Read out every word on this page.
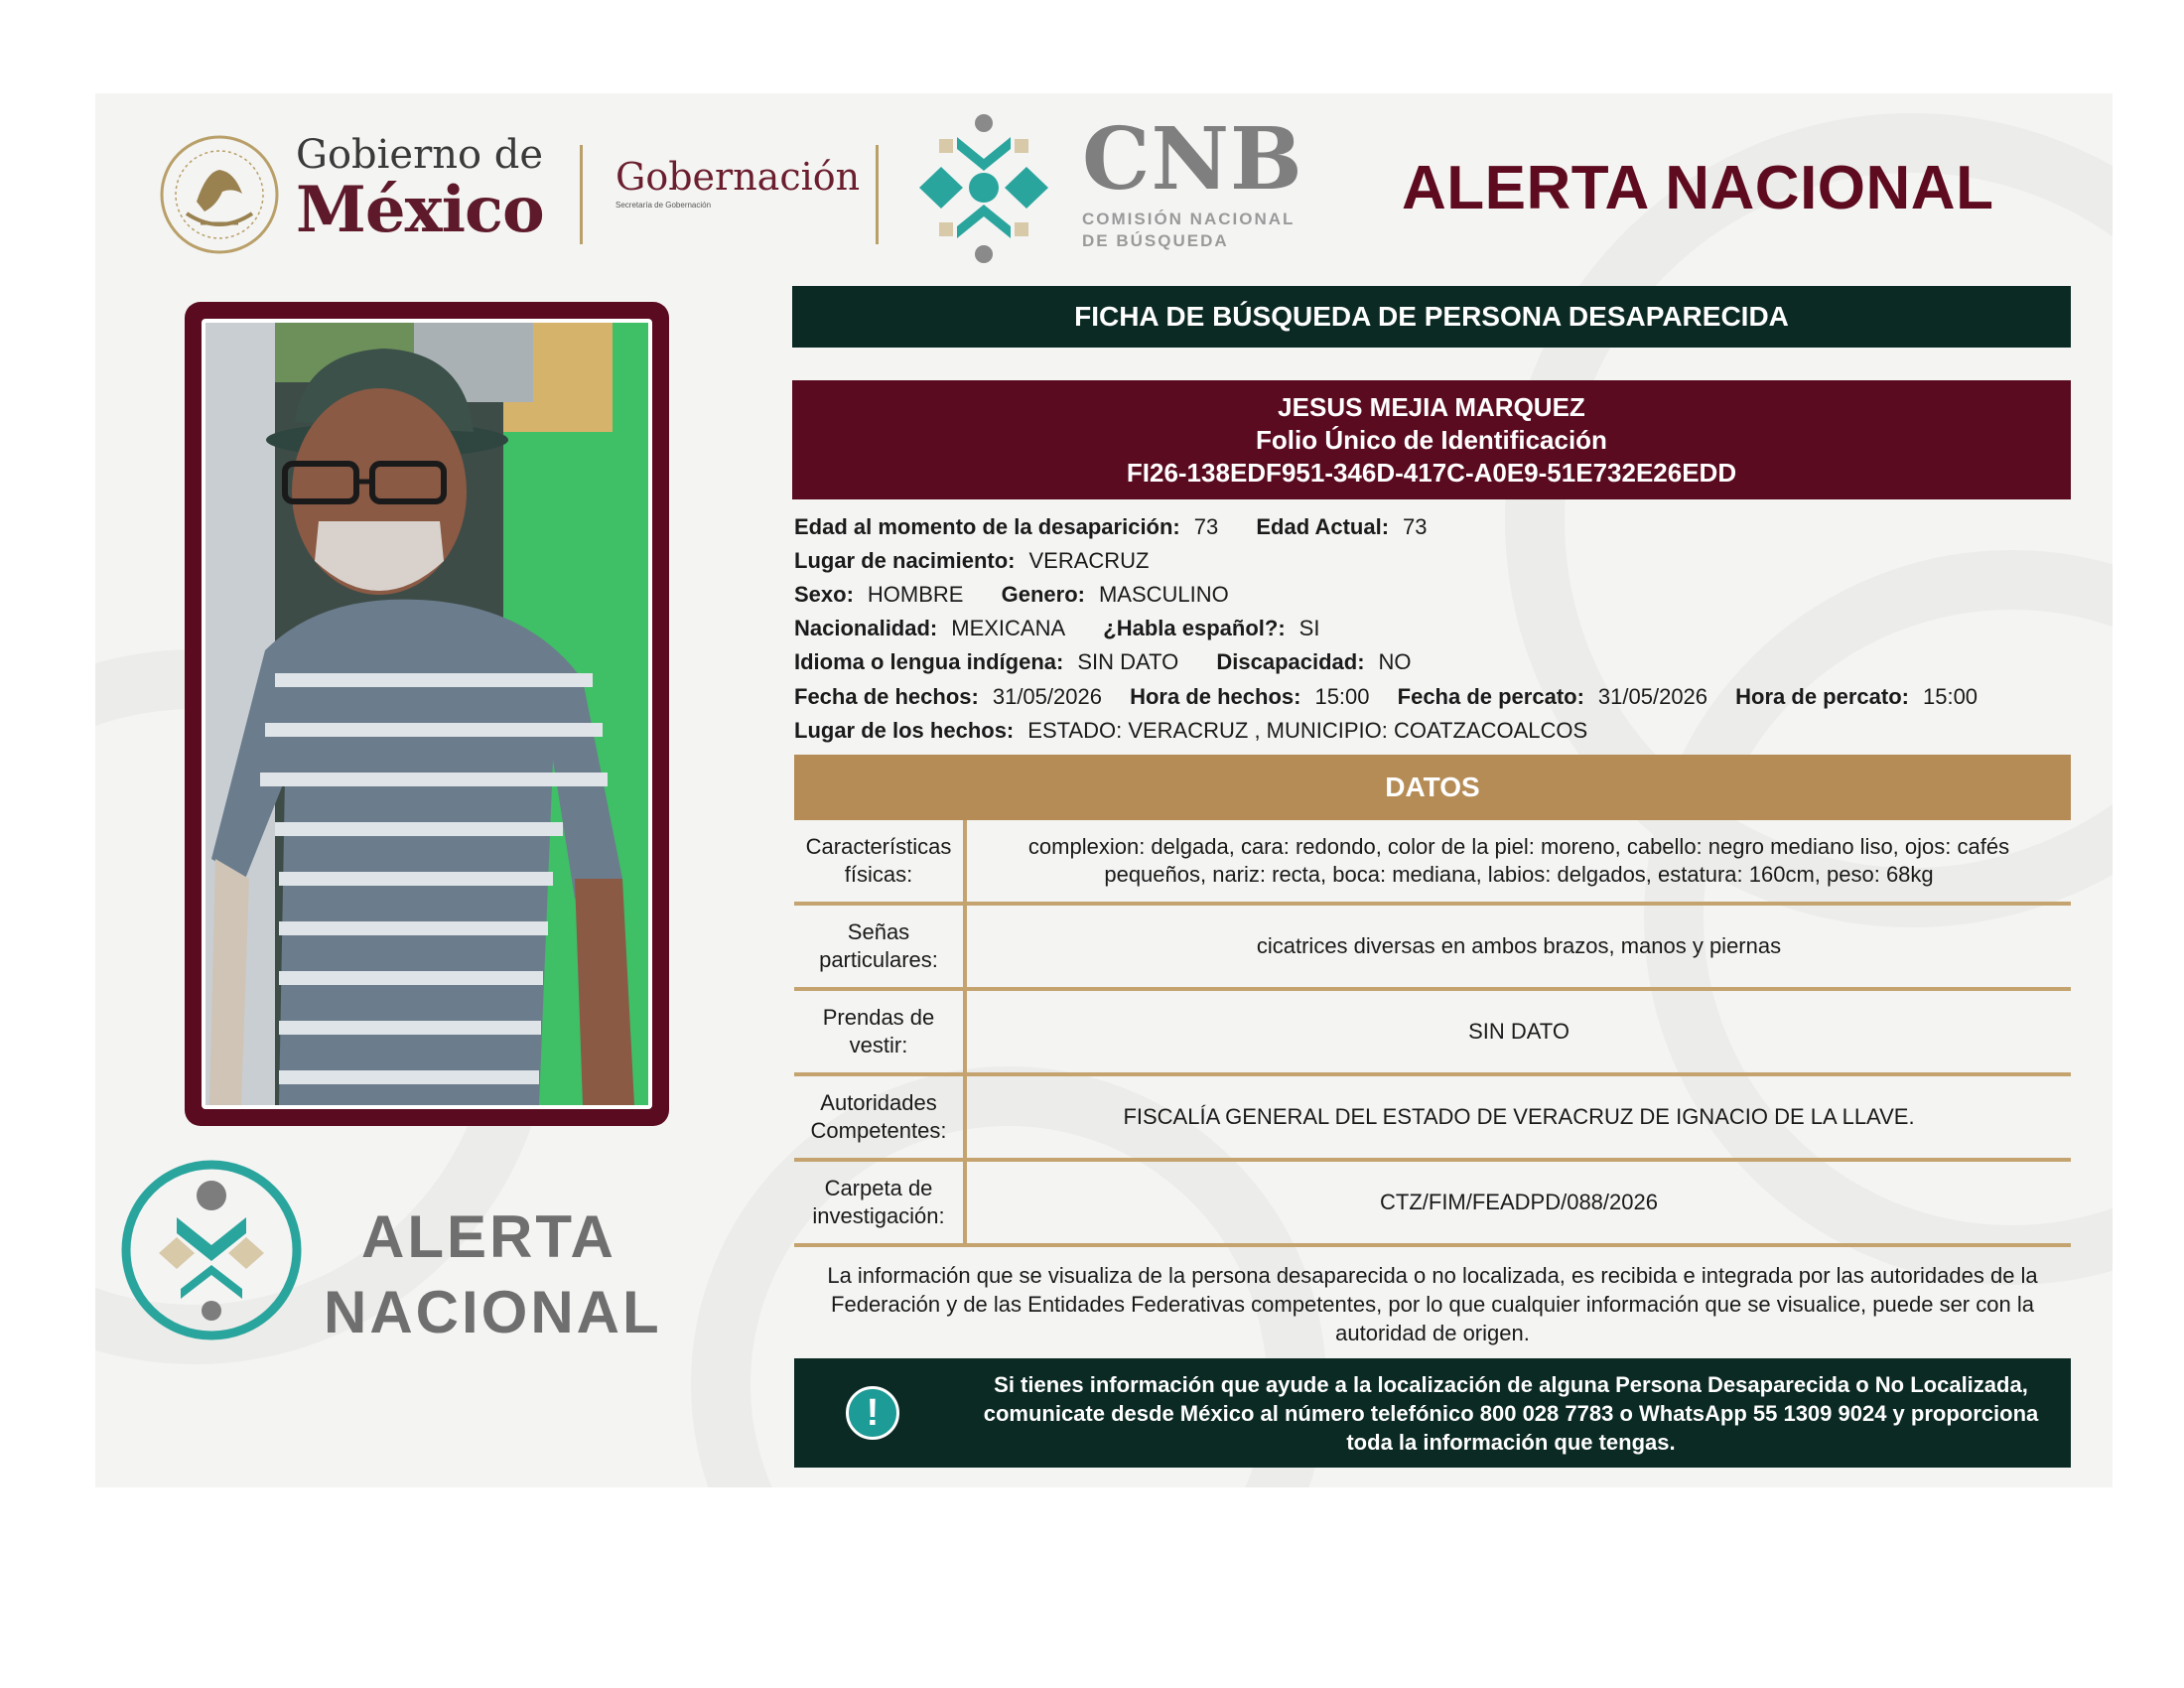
Gobierno de
México Gobernación
Secretaría de Gobernación	CNB
COMISIÓN NACIONAL
DE BÚSQUEDA
ALERTA NACIONAL
ALERTA
NACIONAL
FICHA DE BÚSQUEDA DE PERSONA DESAPARECIDA
JESUS MEJIA MARQUEZ
Folio Único de Identificación
FI26-138EDF951-346D-417C-A0E9-51E732E26EDD
Edad al momento de la desaparición: 73 Edad Actual: 73
Lugar de nacimiento: VERACRUZ
Sexo: HOMBRE Genero: MASCULINO
Nacionalidad: MEXICANA ¿Habla español?: SI
Idioma o lengua indígena: SIN DATO Discapacidad: NO
Fecha de hechos: 31/05/2026 Hora de hechos: 15:00 Fecha de percato: 31/05/2026 Hora de percato: 15:00
Lugar de los hechos: ESTADO: VERACRUZ , MUNICIPIO: COATZACOALCOS
DATOS
Características físicas:
complexion: delgada, cara: redondo, color de la piel: moreno, cabello: negro mediano liso, ojos: cafés pequeños, nariz: recta, boca: mediana, labios: delgados, estatura: 160cm, peso: 68kg
Señas particulares:
cicatrices diversas en ambos brazos, manos y piernas
Prendas de vestir:
SIN DATO
Autoridades Competentes:
FISCALÍA GENERAL DEL ESTADO DE VERACRUZ DE IGNACIO DE LA LLAVE.
Carpeta de investigación:
CTZ/FIM/FEADPD/088/2026
La información que se visualiza de la persona desaparecida o no localizada, es recibida e integrada por las autoridades de la Federación y de las Entidades Federativas competentes, por lo que cualquier información que se visualice, puede ser con la autoridad de origen.
!
Si tienes información que ayude a la localización de alguna Persona Desaparecida o No Localizada, comunicate desde México al número telefónico 800 028 7783 o WhatsApp 55 1309 9024 y proporciona toda la información que tengas.
